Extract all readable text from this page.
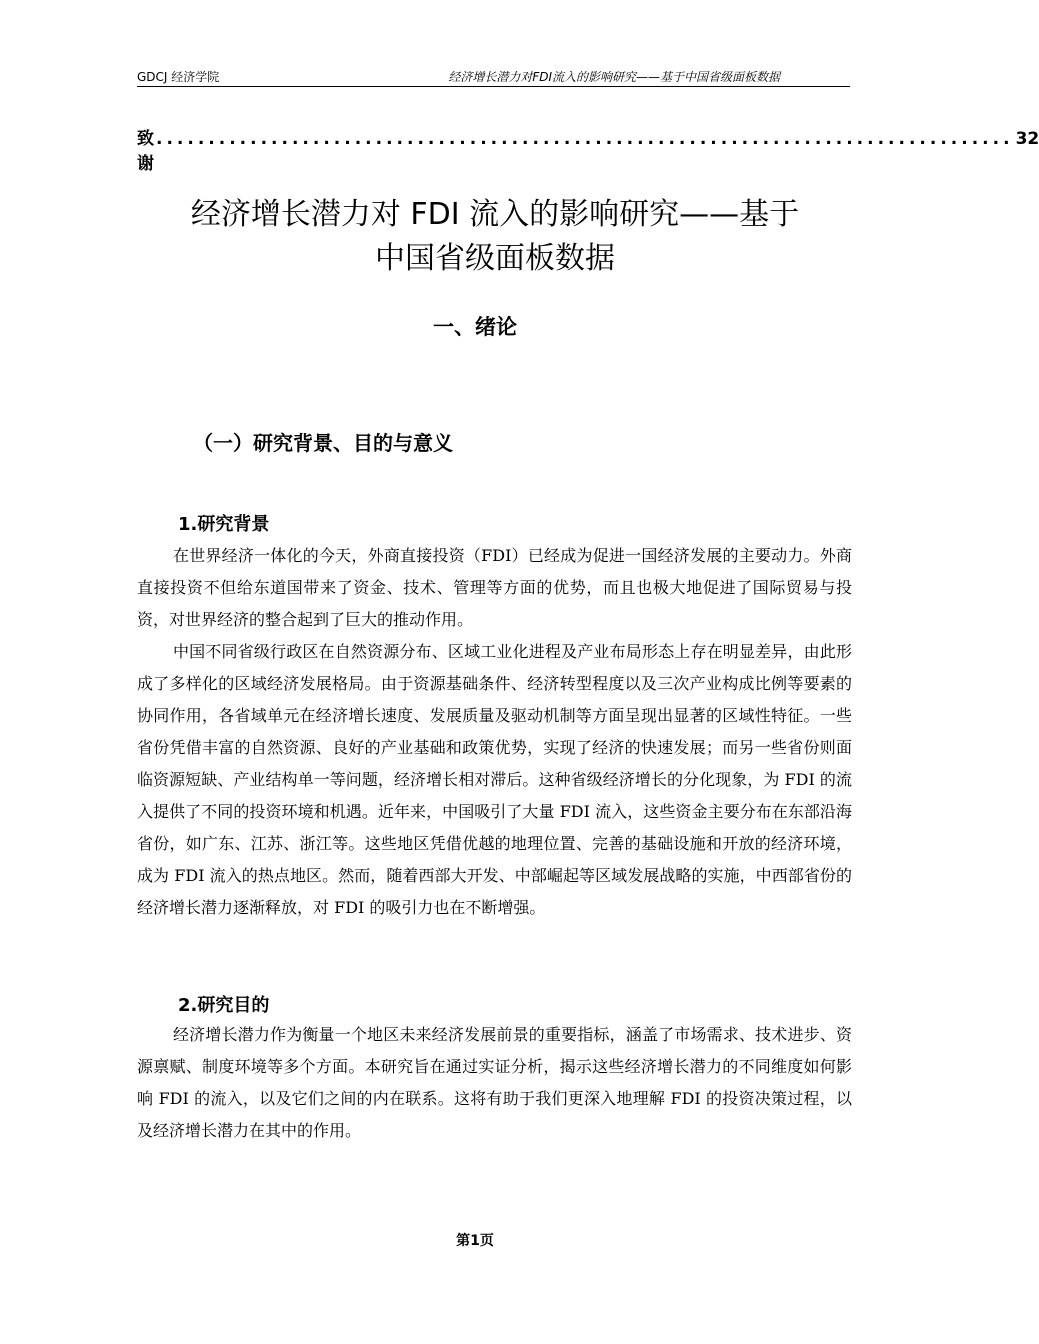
GDCJ 经济学院	经济增长潜力对FDI流入的影响研究——基于中国省级面板数据
致谢
.................................................................................. 32
经济增长潜力对 FDI 流入的影响研究——基于
中国省级面板数据
一、绪论
（一）研究背景、目的与意义
1.研究背景

在世界经济一体化的今天，外商直接投资（FDI）已经成为促进一国经济发展的主要动力。外商直接投资不但给东道国带来了资金、技术、管理等方面的优势，而且也极大地促进了国际贸易与投资，对世界经济的整合起到了巨大的推动作用。

中国不同省级行政区在自然资源分布、区域工业化进程及产业布局形态上存在明显差异，由此形成了多样化的区域经济发展格局。由于资源基础条件、经济转型程度以及三次产业构成比例等要素的协同作用，各省域单元在经济增长速度、发展质量及驱动机制等方面呈现出显著的区域性特征。一些省份凭借丰富的自然资源、良好的产业基础和政策优势，实现了经济的快速发展；而另一些省份则面临资源短缺、产业结构单一等问题，经济增长相对滞后。这种省级经济增长的分化现象，为 FDI 的流入提供了不同的投资环境和机遇。近年来，中国吸引了大量 FDI 流入，这些资金主要分布在东部沿海省份，如广东、江苏、浙江等。这些地区凭借优越的地理位置、完善的基础设施和开放的经济环境，成为 FDI 流入的热点地区。然而，随着西部大开发、中部崛起等区域发展战略的实施，中西部省份的经济增长潜力逐渐释放，对 FDI 的吸引力也在不断增强。

2.研究目的

经济增长潜力作为衡量一个地区未来经济发展前景的重要指标，涵盖了市场需求、技术进步、资源禀赋、制度环境等多个方面。本研究旨在通过实证分析，揭示这些经济增长潜力的不同维度如何影响 FDI 的流入，以及它们之间的内在联系。这将有助于我们更深入地理解 FDI 的投资决策过程，以及经济增长潜力在其中的作用。

第1页
